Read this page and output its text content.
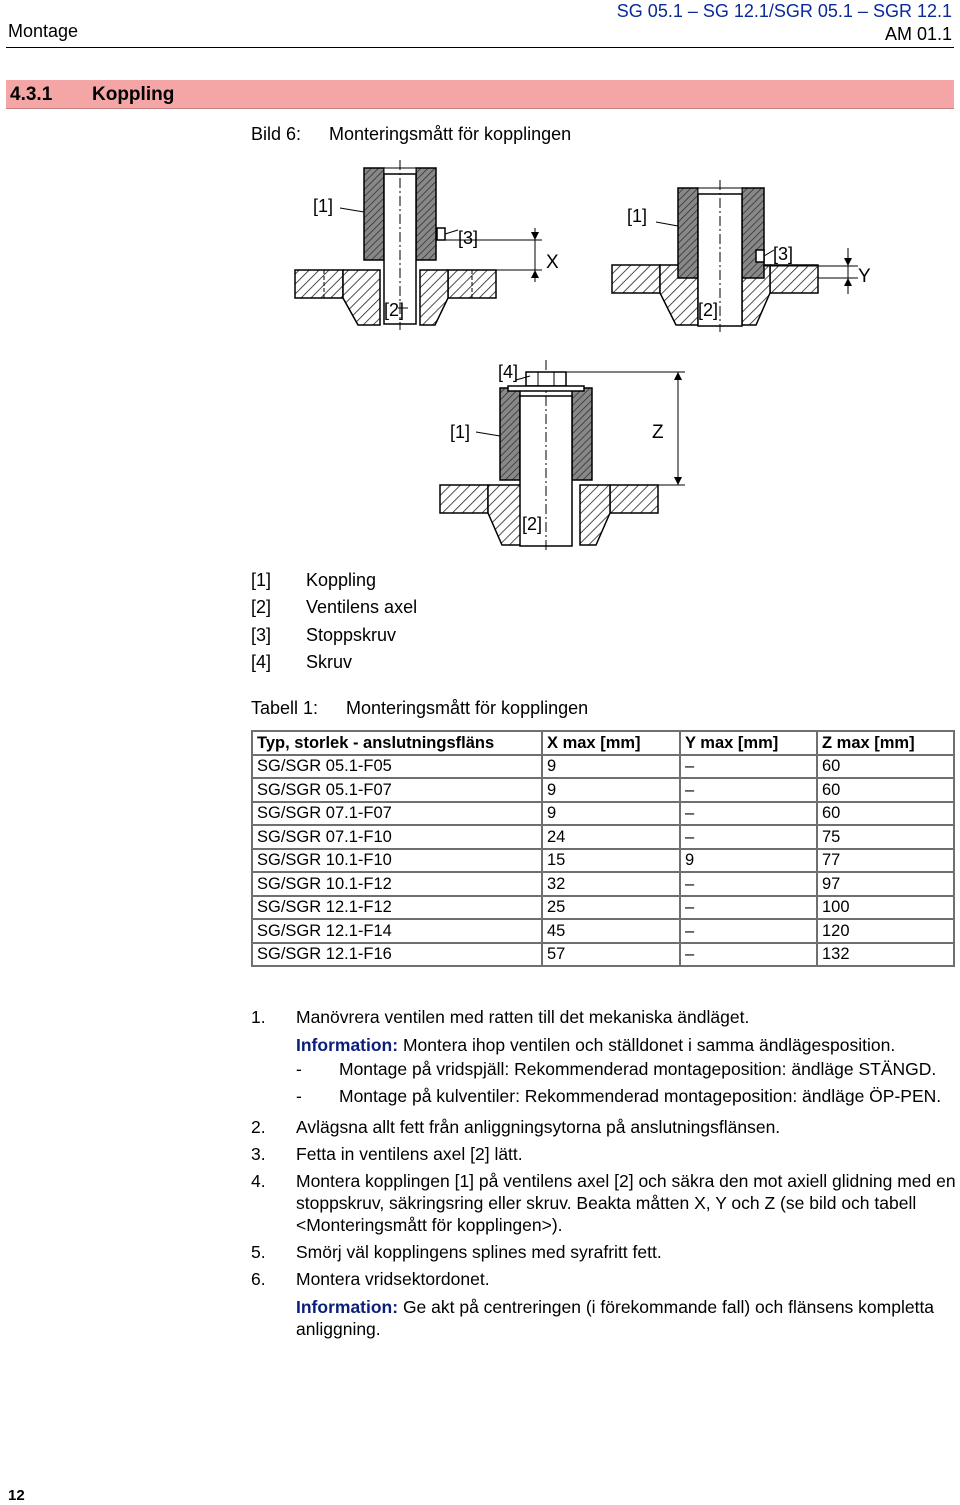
Montage
SG 05.1 – SG 12.1/SGR 05.1 – SGR 12.1
AM 01.1
4.3.1 Koppling
Bild 6: Monteringsmått för kopplingen
[1]
[3]
[2]
X
[1]
[3]
[2]
Y
[4]
[1]
[2]
Z
[1] Koppling
[2] Ventilens axel
[3] Stoppskruv
[4] Skruv
Tabell 1: Monteringsmått för kopplingen
Typ, storlek - anslutningsfläns	X max [mm]	Y max [mm]	Z max [mm]
SG/SGR 05.1-F05	9	–	60
SG/SGR 05.1-F07	9	–	60
SG/SGR 07.1-F07	9	–	60
SG/SGR 07.1-F10	24	–	75
SG/SGR 10.1-F10	15	9	77
SG/SGR 10.1-F12	32	–	97
SG/SGR 12.1-F12	25	–	100
SG/SGR 12.1-F14	45	–	120
SG/SGR 12.1-F16	57	–	132
1. Manövrera ventilen med ratten till det mekaniska ändläget.
Information: Montera ihop ventilen och ställdonet i samma ändlägesposition.
- Montage på vridspjäll: Rekommenderad montageposition: ändläge STÄNGD.
- Montage på kulventiler: Rekommenderad montageposition: ändläge ÖP-PEN.
2. Avlägsna allt fett från anliggningsytorna på anslutningsflänsen.
3. Fetta in ventilens axel [2] lätt.
4. Montera kopplingen [1] på ventilens axel [2] och säkra den mot axiell glidning med en stoppskruv, säkringsring eller skruv. Beakta måtten X, Y och Z (se bild och tabell <Monteringsmått för kopplingen>).
5. Smörj väl kopplingens splines med syrafritt fett.
6. Montera vridsektordonet.
Information: Ge akt på centreringen (i förekommande fall) och flänsens kompletta anliggning.
12
